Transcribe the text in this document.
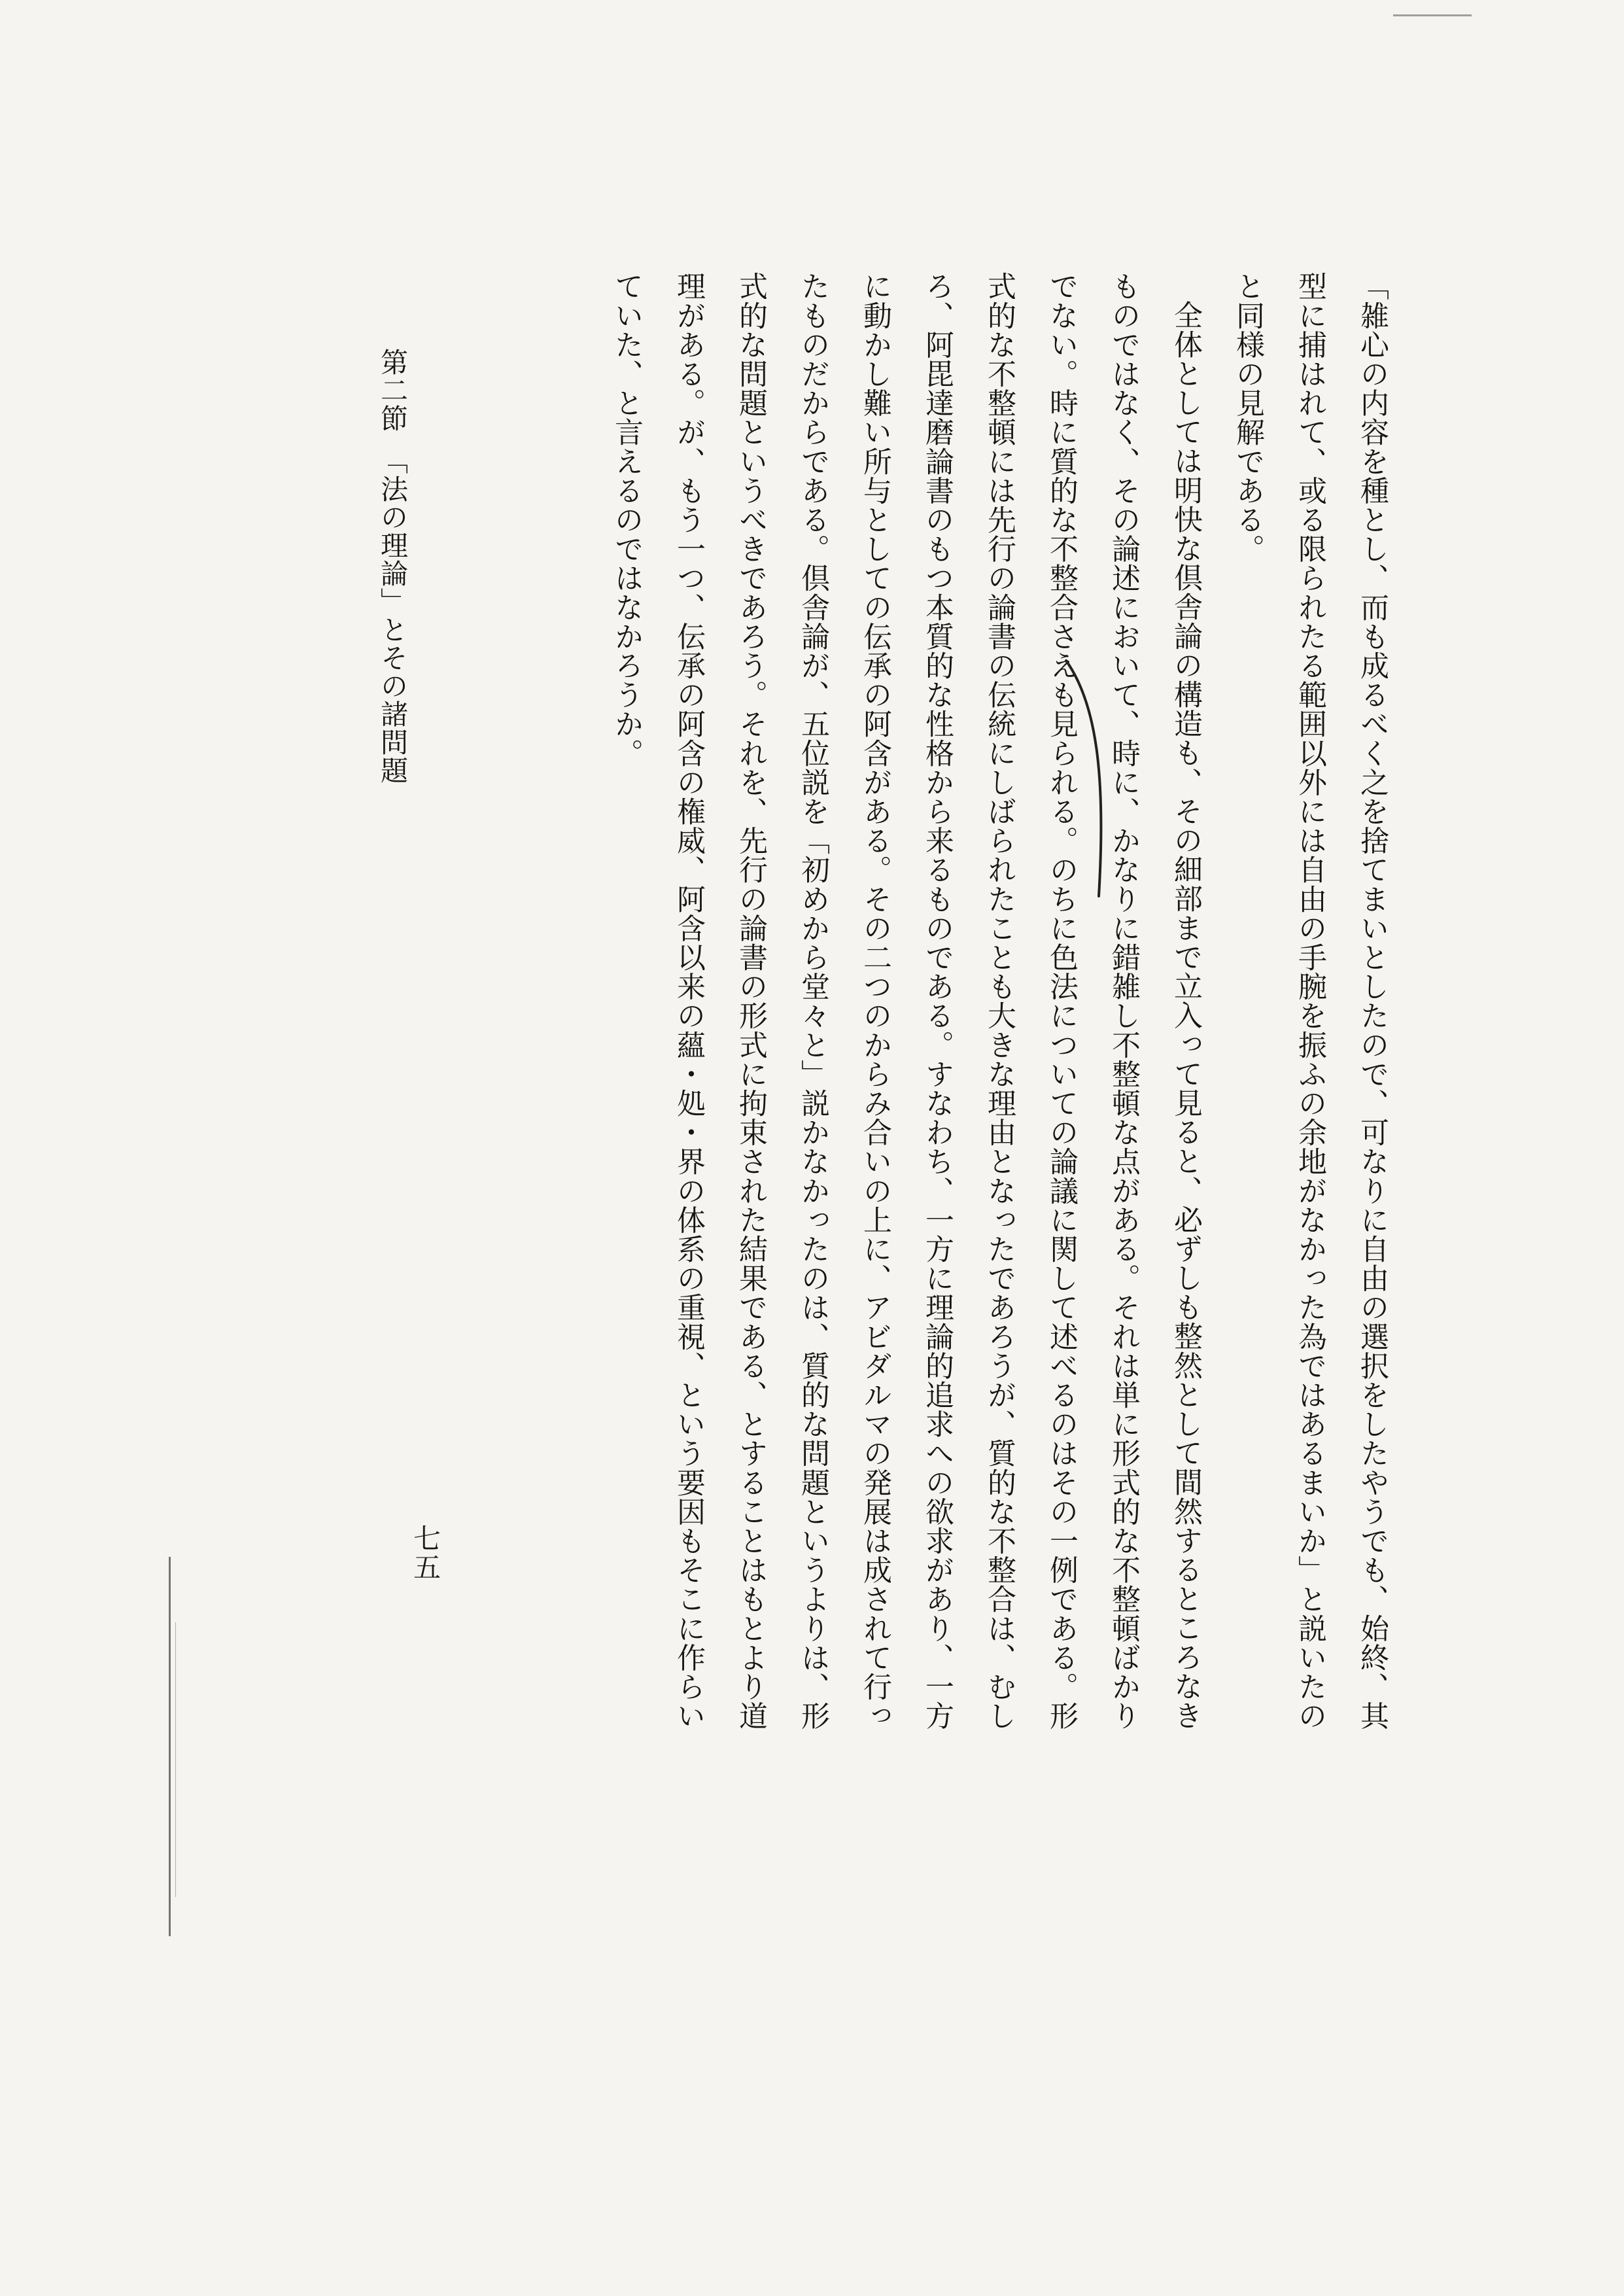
「雑心の内容を種とし、而も成るべく之を捨てまいとしたので、可なりに自由の選択をしたやうでも、始終、其
型に捕はれて、或る限られたる範囲以外には自由の手腕を振ふの余地がなかった為ではあるまいか」と説いたの
と同様の見解である。

全体としては明快な倶舎論の構造も、その細部まで立入って見ると、必ずしも整然として間然するところなき
ものではなく、その論述において、時に、かなりに錯雑し不整頓な点がある。それは単に形式的な不整頓ばかり
でない。時に質的な不整合さえも見られる。のちに色法についての論議に関して述べるのはその一例である。形
式的な不整頓には先行の論書の伝統にしばられたことも大きな理由となったであろうが、質的な不整合は、むし
ろ、阿毘達磨論書のもつ本質的な性格から来るものである。すなわち、一方に理論的追求への欲求があり、一方
に動かし難い所与としての伝承の阿含がある。その二つのからみ合いの上に、アビダルマの発展は成されて行っ
たものだからである。倶舎論が、五位説を「初めから堂々と」説かなかったのは、質的な問題というよりは、形
式的な問題というべきであろう。それを、先行の論書の形式に拘束された結果である、とすることはもとより道
理がある。が、もう一つ、伝承の阿含の権威、阿含以来の蘊・処・界の体系の重視、という要因もそこに作らい
ていた、と言えるのではなかろうか。

第二節　「法の理論」とその諸問題
七五
